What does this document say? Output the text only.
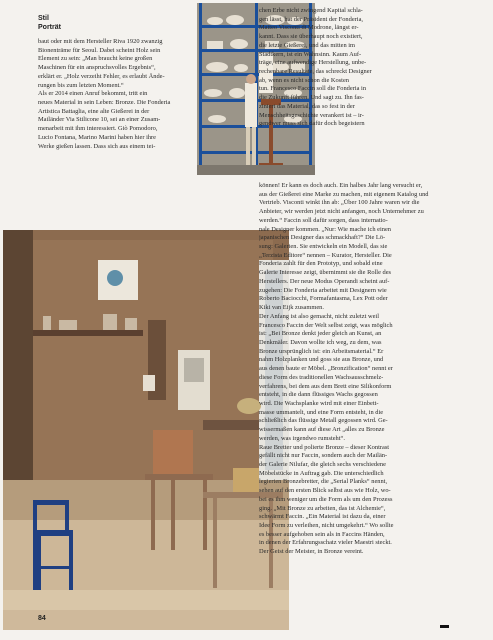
Stil
Porträt

baut oder mit dem Hersteller Riva 1920 zwanzig

Bionenträme für Seoul. Dabei scheint Holz sein

Element zu sein: „Man braucht keine großen

Maschinen für ein anspruchsvolles Ergebnis“,

erklärt er. „Holz verzeiht Fehler, es erlaubt Ände-

rungen bis zum letzten Moment.“

Als er 2014 einen Anruf bekommt, tritt ein

neues Material in sein Leben: Bronze. Die Fonderia

Artistica Battaglia, eine alte Gießerei in der

Mailänder Via Stilicone 10, sei an einer Zusam-

menarbeit mit ihm interessiert. Giò Pomodoro,

Lucio Fontana, Marino Marini haben hier ihre

Werke gießen lassen. Dass sich aus einem tei-

chen Erbe nicht zwingend Kapital schla-

gen lässt, hat der Präsident der Fonderia,

Matteo Visconti di Modrone, längst er-

kannt. Dass sie überhaupt noch existiert,

die letzte Gießerei, und das mitten im

Stadtkern, ist ein Wahnsinn. Kaum Auf-

träge, eine aufwendige Herstellung, unbe-

rechenbare Resultate, das schreckt Designer

ab, wenn es nicht schon die Kosten

tun. Francesco Faccin soll die Fonderia in

die Zukunft führen. Und sagt zu. Ihn fas-

ziniert das Material, das so fest in der

Menschheitsgeschichte verankert ist – ir-

gendwer muss sich dafür doch begeistern

können! Er kann es doch auch. Ein halbes Jahr lang versucht er,

aus der Gießerei eine Marke zu machen, mit eigenem Katalog und

Vertrieb. Visconti winkt ihn ab: „Über 100 Jahre waren wir die

Anbieter, wir werden jetzt nicht anfangen, noch Unternehmer zu

werden.“ Faccin soll dafür sorgen, dass internatio-

nale Designer kommen. „Nur: Wie mache ich einen

japanischen Designer das schmackhaft?“ Die Lö-

sung: Galerien. Sie entwickeln ein Modell, das sie

„Terzista Editore“ nennen – Kurator, Hersteller. Die

Fonderia zahlt für den Prototyp, und sobald eine

Galerie Interesse zeigt, übernimmt sie die Rolle des

Herstellers. Der neue Modus Operandi scheint auf-

zugehen: Die Fonderia arbeitet mit Designern wie

Roberto Baciocchi, Formafantasma, Lex Pott oder

Kiki van Eijk zusammen.

Der Anfang ist also gemacht, nicht zuletzt weil

Francesco Faccin der Welt selbst zeigt, was möglich

ist: „Bei Bronze denkt jeder gleich an Kunst, an

Denkmäler. Davon wollte ich weg, zu dem, was

Bronze ursprünglich ist: ein Arbeitsmaterial.“ Er

nahm Holzplanken und goss sie aus Bronze, und

aus denen baute er Möbel. „Bronzification“ nennt er

diese Form des traditionellen Wachsausschmelz-

verfahrens, bei dem aus dem Brett eine Silikonform

entsteht, in die dann flüssiges Wachs gegossen

wird. Die Wachsplanke wird mit einer Einbett-

masse ummantelt, und eine Form entsteht, in die

schließlich das flüssige Metall gegossen wird. Ge-

wissermaßen kann auf diese Art „alles zu Bronze

werden, was irgendwo rumsteht“.

Raue Bretter und polierte Bronze – dieser Kontrast

gefällt nicht nur Faccin, sondern auch der Mailän-

der Galerie Nilufar, die gleich sechs verschiedene

Möbelstücke in Auftrag gab. Die unterschiedlich

legierten Bronzebretter, die „Serial Planks“ nennt,

sehen auf den ersten Blick selbst aus wie Holz, wo-

bei es ihm weniger um die Form als um den Prozess

ging. „Mit Bronze zu arbeiten, das ist Alchemie“,

schwärmt Faccin. „Ein Material ist dazu da, einer

Idee Form zu verleihen, nicht umgekehrt.“ Wo sollte

es besser aufgehoben sein als in Faccins Händen,

in denen der Erfahrungsschatz vieler Maestri steckt.

Der Geist der Meister, in Bronze vereint.

84
